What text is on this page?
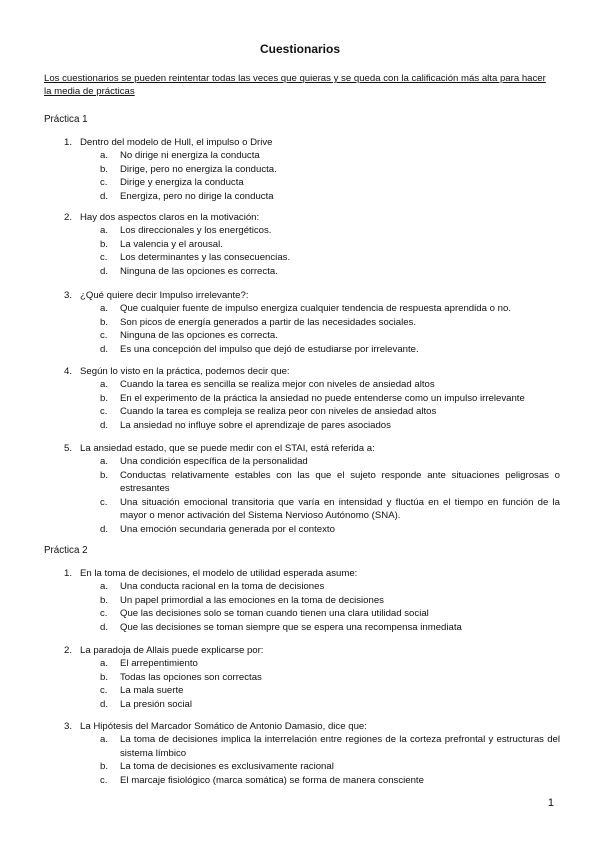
Cuestionarios
Los cuestionarios se pueden reintentar todas las veces que quieras y se queda con la calificación más alta para hacer la media de prácticas
Práctica 1
1. Dentro del modelo de Hull, el impulso o Drive
a. No dirige ni energiza la conducta
b. Dirige, pero no energiza la conducta.
c. Dirige y energiza la conducta
d. Energiza, pero no dirige la conducta
2. Hay dos aspectos claros en la motivación:
a. Los direccionales y los energéticos.
b. La valencia y el arousal.
c. Los determinantes y las consecuencias.
d. Ninguna de las opciones es correcta.
3. ¿Qué quiere decir Impulso irrelevante?:
a. Que cualquier fuente de impulso energiza cualquier tendencia de respuesta aprendida o no.
b. Son picos de energía generados a partir de las necesidades sociales.
c. Ninguna de las opciones es correcta.
d. Es una concepción del impulso que dejó de estudiarse por irrelevante.
4. Según lo visto en la práctica, podemos decir que:
a. Cuando la tarea es sencilla se realiza mejor con niveles de ansiedad altos
b. En el experimento de la práctica la ansiedad no puede entenderse como un impulso irrelevante
c. Cuando la tarea es compleja se realiza peor con niveles de ansiedad altos
d. La ansiedad no influye sobre el aprendizaje de pares asociados
5. La ansiedad estado, que se puede medir con el STAI, está referida a:
a. Una condición específica de la personalidad
b. Conductas relativamente estables con las que el sujeto responde ante situaciones peligrosas o estresantes
c. Una situación emocional transitoria que varía en intensidad y fluctúa en el tiempo en función de la mayor o menor activación del Sistema Nervioso Autónomo (SNA).
d. Una emoción secundaria generada por el contexto
Práctica 2
1. En la toma de decisiones, el modelo de utilidad esperada asume:
a. Una conducta racional en la toma de decisiones
b. Un papel primordial a las emociones en la toma de decisiones
c. Que las decisiones solo se toman cuando tienen una clara utilidad social
d. Que las decisiones se toman siempre que se espera una recompensa inmediata
2. La paradoja de Allais puede explicarse por:
a. El arrepentimiento
b. Todas las opciones son correctas
c. La mala suerte
d. La presión social
3. La Hipótesis del Marcador Somático de Antonio Damasio, dice que:
a. La toma de decisiones implica la interrelación entre regiones de la corteza prefrontal y estructuras del sistema límbico
b. La toma de decisiones es exclusivamente racional
c. El marcaje fisiológico (marca somática) se forma de manera consciente
1
